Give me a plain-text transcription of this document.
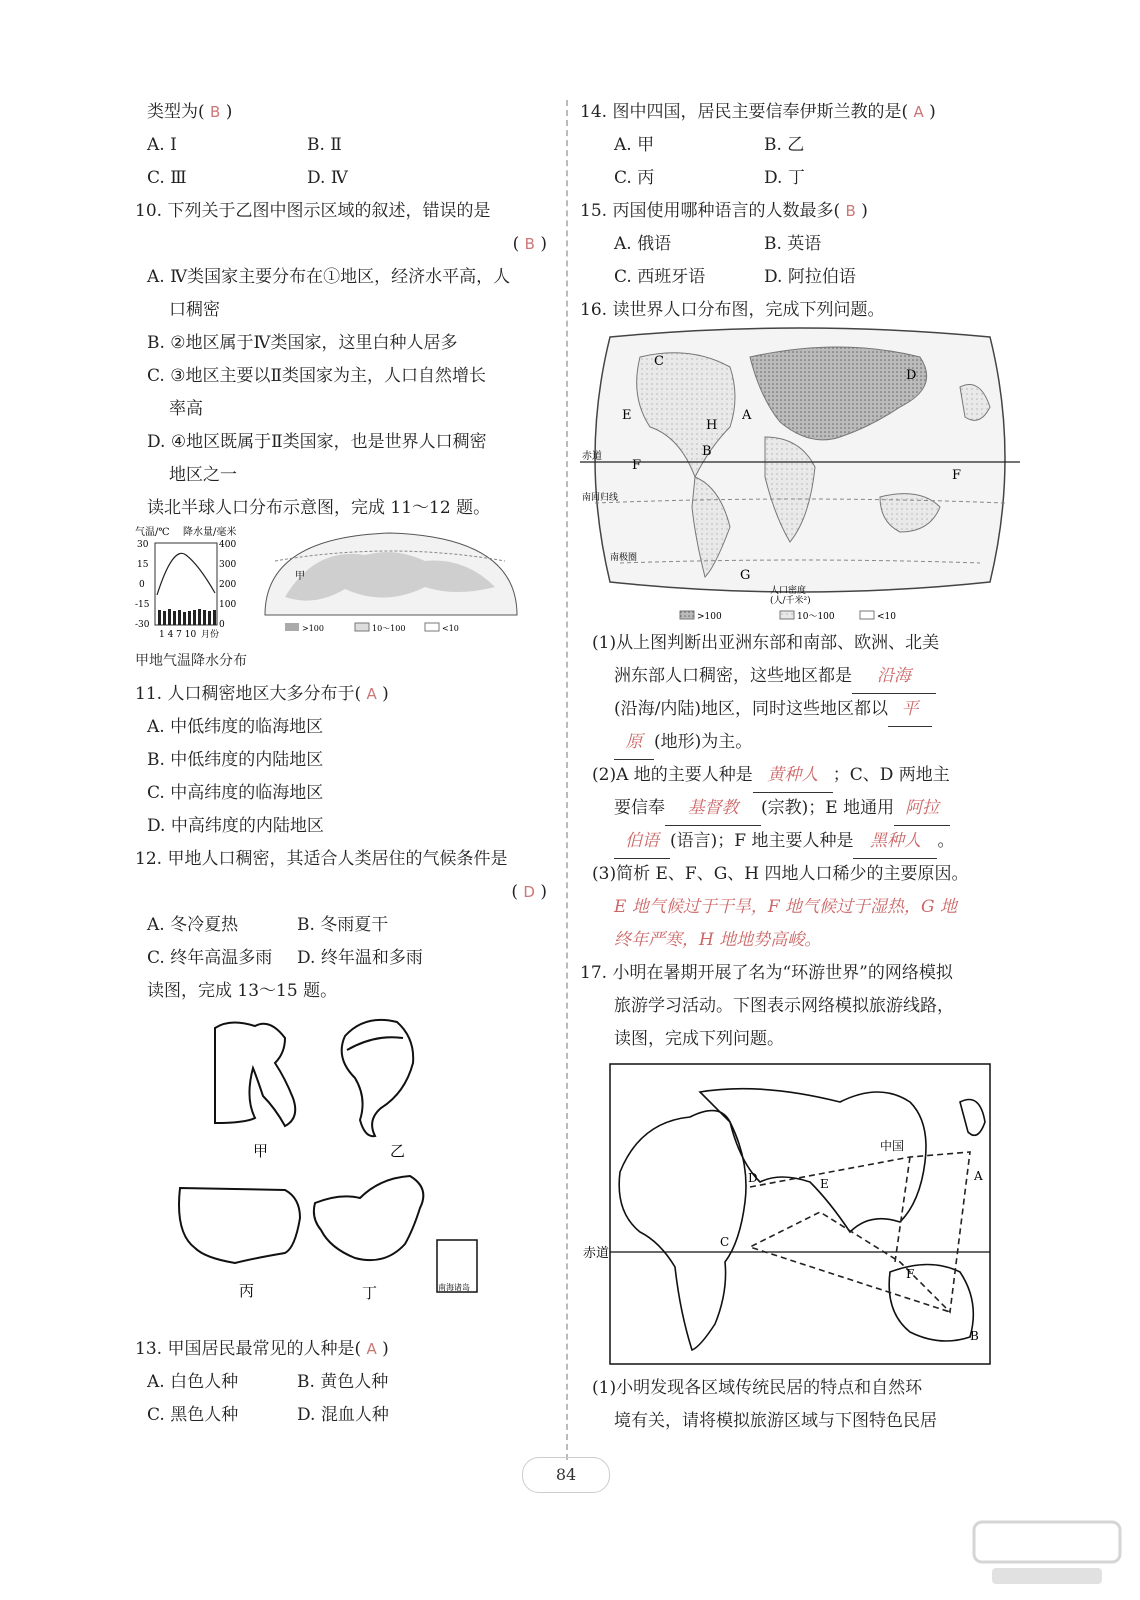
类型为( B )
A. Ⅰ	B. Ⅱ
C. Ⅲ	D. Ⅳ
10. 下列关于乙图中图示区域的叙述，错误的是
( B )
A. Ⅳ类国家主要分布在①地区，经济水平高，人
口稠密
B. ②地区属于Ⅳ类国家，这里白种人居多
C. ③地区主要以Ⅱ类国家为主，人口自然增长
率高
D. ④地区既属于Ⅱ类国家，也是世界人口稠密
地区之一
读北半球人口分布示意图，完成 11～12 题。
气温/℃ 降水量/毫米
30
15
0
-15
-30
400
300
200
100
0
1 4 7 10 月份
甲
>100	10～100	<10
甲地气温降水分布
11. 人口稠密地区大多分布于( A )
A. 中低纬度的临海地区
B. 中低纬度的内陆地区
C. 中高纬度的临海地区
D. 中高纬度的内陆地区
12. 甲地人口稠密，其适合人类居住的气候条件是
( D )
A. 冬冷夏热	B. 冬雨夏干
C. 终年高温多雨	D. 终年温和多雨
读图，完成 13～15 题。
甲	乙
丙	丁	南海诸岛
13. 甲国居民最常见的人种是( A )
A. 白色人种	B. 黄色人种
C. 黑色人种	D. 混血人种
14. 图中四国，居民主要信奉伊斯兰教的是( A )
A. 甲	B. 乙
C. 丙	D. 丁
15. 丙国使用哪种语言的人数最多( B )
A. 俄语	B. 英语
C. 西班牙语	D. 阿拉伯语
16. 读世界人口分布图，完成下列问题。
赤道
南回归线
南极圈
C
D
H
A
E
B
F
F
G
人口密度
(人/千米²)
>100	10～100	<10
(1)从上图判断出亚洲东部和南部、欧洲、北美
洲东部人口稠密，这些地区都是 沿海
(沿海/内陆)地区，同时这些地区都以 平
原 (地形)为主。
(2)A 地的主要人种是 黄种人 ；C、D 两地主
要信奉 基督教 (宗教)；E 地通用 阿拉
伯语 (语言)；F 地主要人种是 黑种人 。
(3)简析 E、F、G、H 四地人口稀少的主要原因。
E 地气候过于干旱，F 地气候过于湿热，G 地
终年严寒，H 地地势高峻。
17. 小明在暑期开展了名为“环游世界”的网络模拟
旅游学习活动。下图表示网络模拟旅游线路，
读图，完成下列问题。
赤道
中国
A
B
C
D	E
F
(1)小明发现各区域传统民居的特点和自然环
境有关，请将模拟旅游区域与下图特色民居
84
